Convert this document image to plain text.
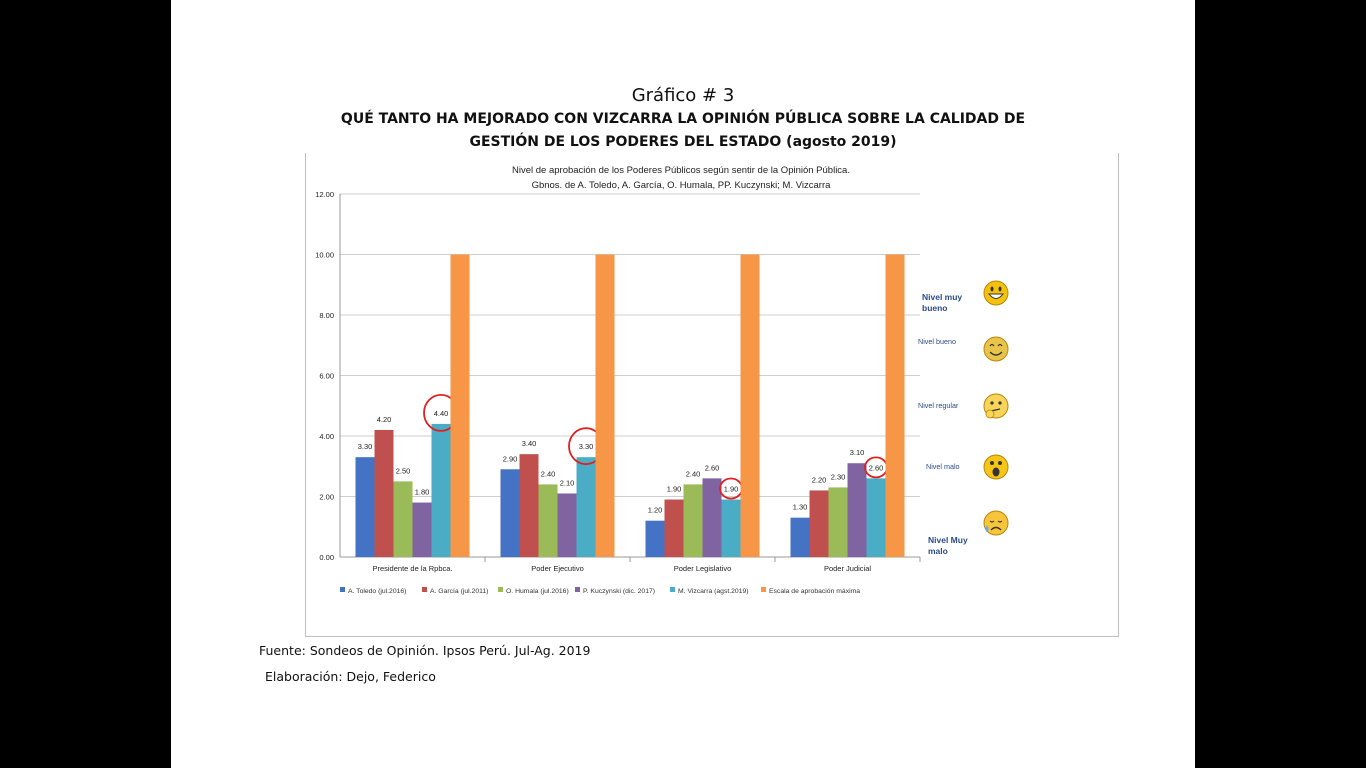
Gráfico # 3
QUÉ TANTO HA MEJORADO CON VIZCARRA LA OPINIÓN PÚBLICA SOBRE LA CALIDAD DE
GESTIÓN DE LOS PODERES DEL ESTADO (agosto 2019)
Nivel de aprobación de los Poderes Públicos según sentir de la Opinión Pública.
Gbnos. de A. Toledo, A. García, O. Humala, PP. Kuczynski; M. Vizcarra
0.00
2.00
4.00
6.00
8.00
10.00
12.00
3.30
4.20
2.50
1.80
4.40
Presidente de la Rpbca.
2.90
3.40
2.40
2.10
3.30
Poder Ejecutivo
1.20
1.90
2.40
2.60
1.90
Poder Legislativo
1.30
2.20 2.30
3.10
2.60
Poder Judicial
A. Toledo (jul.2016)	A. García (jul.2011)	O. Humala (jul.2016) P. Kuczynski (dic. 2017)	M. Vizcarra (agst.2019)	Escala de aprobación máxima
Nivel muy
bueno
Nivel bueno
Nivel regular
Nivel malo
Nivel Muy
malo
Fuente: Sondeos de Opinión. Ipsos Perú. Jul-Ag. 2019
Elaboración: Dejo, Federico
